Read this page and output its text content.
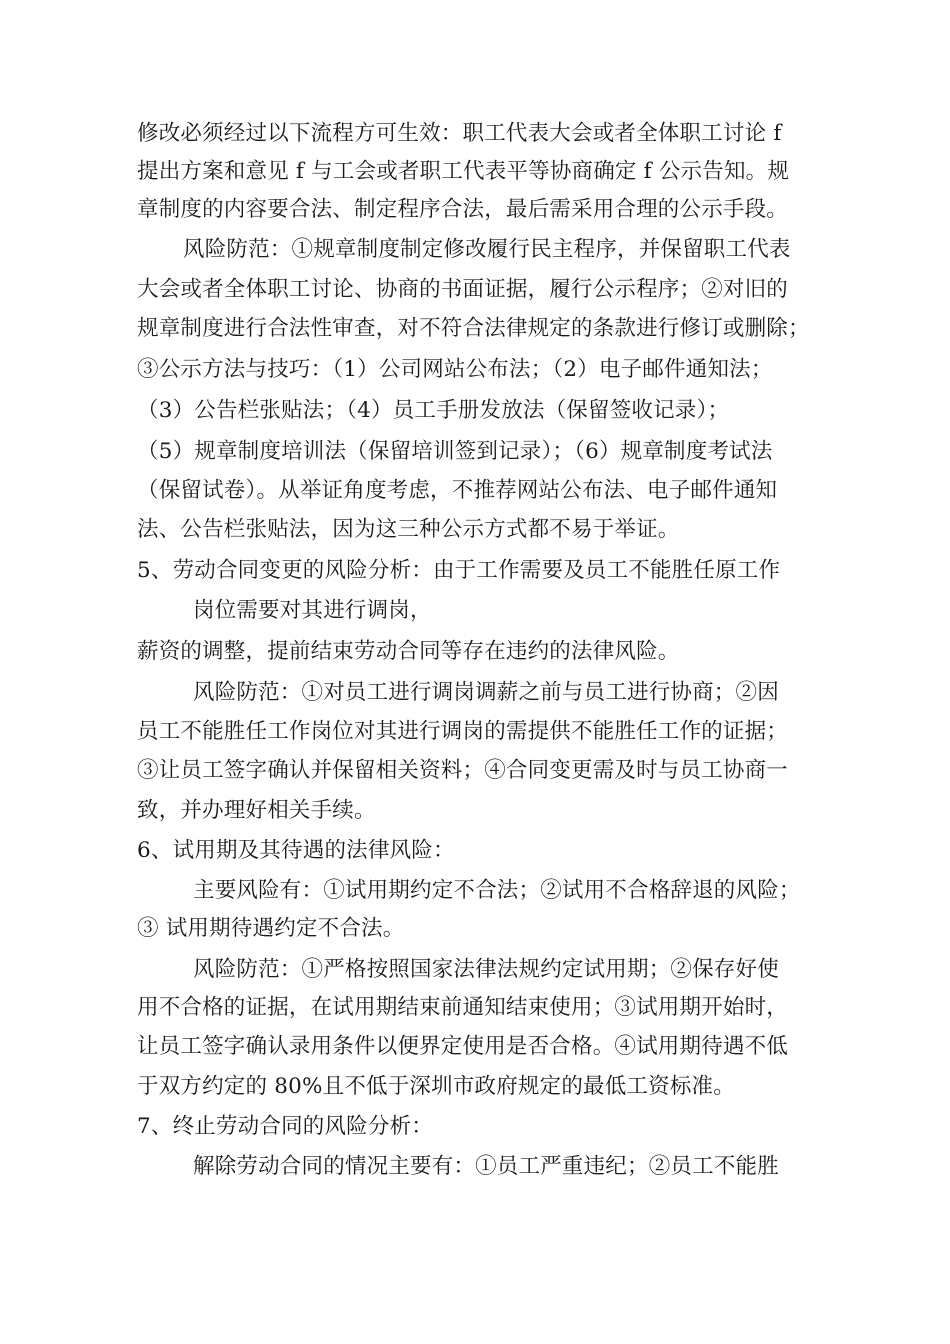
修改必须经过以下流程方可生效：职工代表大会或者全体职工讨论 f
提出方案和意见 f 与工会或者职工代表平等协商确定 f 公示告知。规
章制度的内容要合法、制定程序合法，最后需采用合理的公示手段。
风险防范：①规章制度制定修改履行民主程序，并保留职工代表
大会或者全体职工讨论、协商的书面证据，履行公示程序；②对旧的
规章制度进行合法性审查，对不符合法律规定的条款进行修订或删除；
③公示方法与技巧：（1）公司网站公布法；（2）电子邮件通知法；
（3）公告栏张贴法；（4）员工手册发放法（保留签收记录）；
（5）规章制度培训法（保留培训签到记录）；（6）规章制度考试法
（保留试卷）。从举证角度考虑，不推荐网站公布法、电子邮件通知
法、公告栏张贴法，因为这三种公示方式都不易于举证。
5、劳动合同变更的风险分析：由于工作需要及员工不能胜任原工作
岗位需要对其进行调岗，
薪资的调整，提前结束劳动合同等存在违约的法律风险。
风险防范：①对员工进行调岗调薪之前与员工进行协商；②因
员工不能胜任工作岗位对其进行调岗的需提供不能胜任工作的证据；
③让员工签字确认并保留相关资料；④合同变更需及时与员工协商一
致，并办理好相关手续。
6、试用期及其待遇的法律风险：
主要风险有：①试用期约定不合法；②试用不合格辞退的风险；
③ 试用期待遇约定不合法。
风险防范：①严格按照国家法律法规约定试用期；②保存好使
用不合格的证据，在试用期结束前通知结束使用；③试用期开始时，
让员工签字确认录用条件以便界定使用是否合格。④试用期待遇不低
于双方约定的 80%且不低于深圳市政府规定的最低工资标准。
7、终止劳动合同的风险分析：
解除劳动合同的情况主要有：①员工严重违纪；②员工不能胜
